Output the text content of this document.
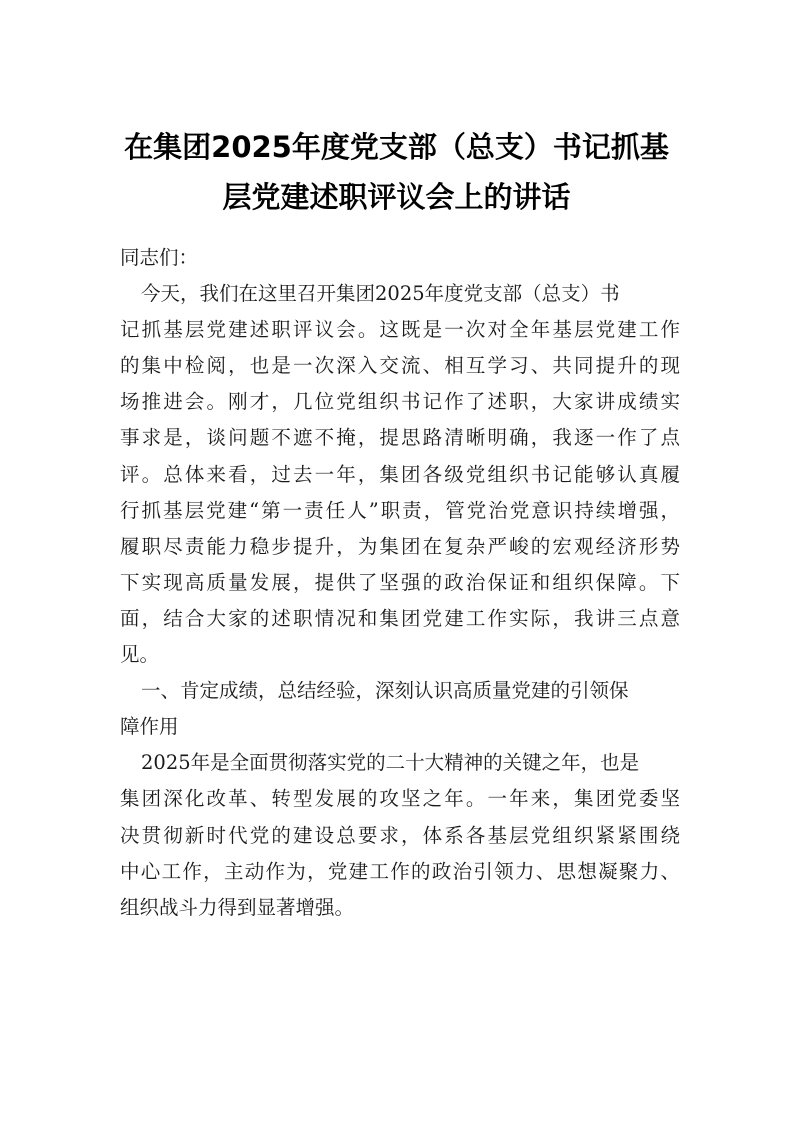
在集团2025年度党支部（总支）书记抓基
层党建述职评议会上的讲话
同志们：
今天，我们在这里召开集团2025年度党支部（总支）书
记抓基层党建述职评议会。这既是一次对全年基层党建工作
的集中检阅，也是一次深入交流、相互学习、共同提升的现
场推进会。刚才，几位党组织书记作了述职，大家讲成绩实
事求是，谈问题不遮不掩，提思路清晰明确，我逐一作了点
评。总体来看，过去一年，集团各级党组织书记能够认真履
行抓基层党建“第一责任人”职责，管党治党意识持续增强，
履职尽责能力稳步提升，为集团在复杂严峻的宏观经济形势
下实现高质量发展，提供了坚强的政治保证和组织保障。下
面，结合大家的述职情况和集团党建工作实际，我讲三点意
见。
一、肯定成绩，总结经验，深刻认识高质量党建的引领保
障作用
2025年是全面贯彻落实党的二十大精神的关键之年，也是
集团深化改革、转型发展的攻坚之年。一年来，集团党委坚
决贯彻新时代党的建设总要求，体系各基层党组织紧紧围绕
中心工作，主动作为，党建工作的政治引领力、思想凝聚力、
组织战斗力得到显著增强。
